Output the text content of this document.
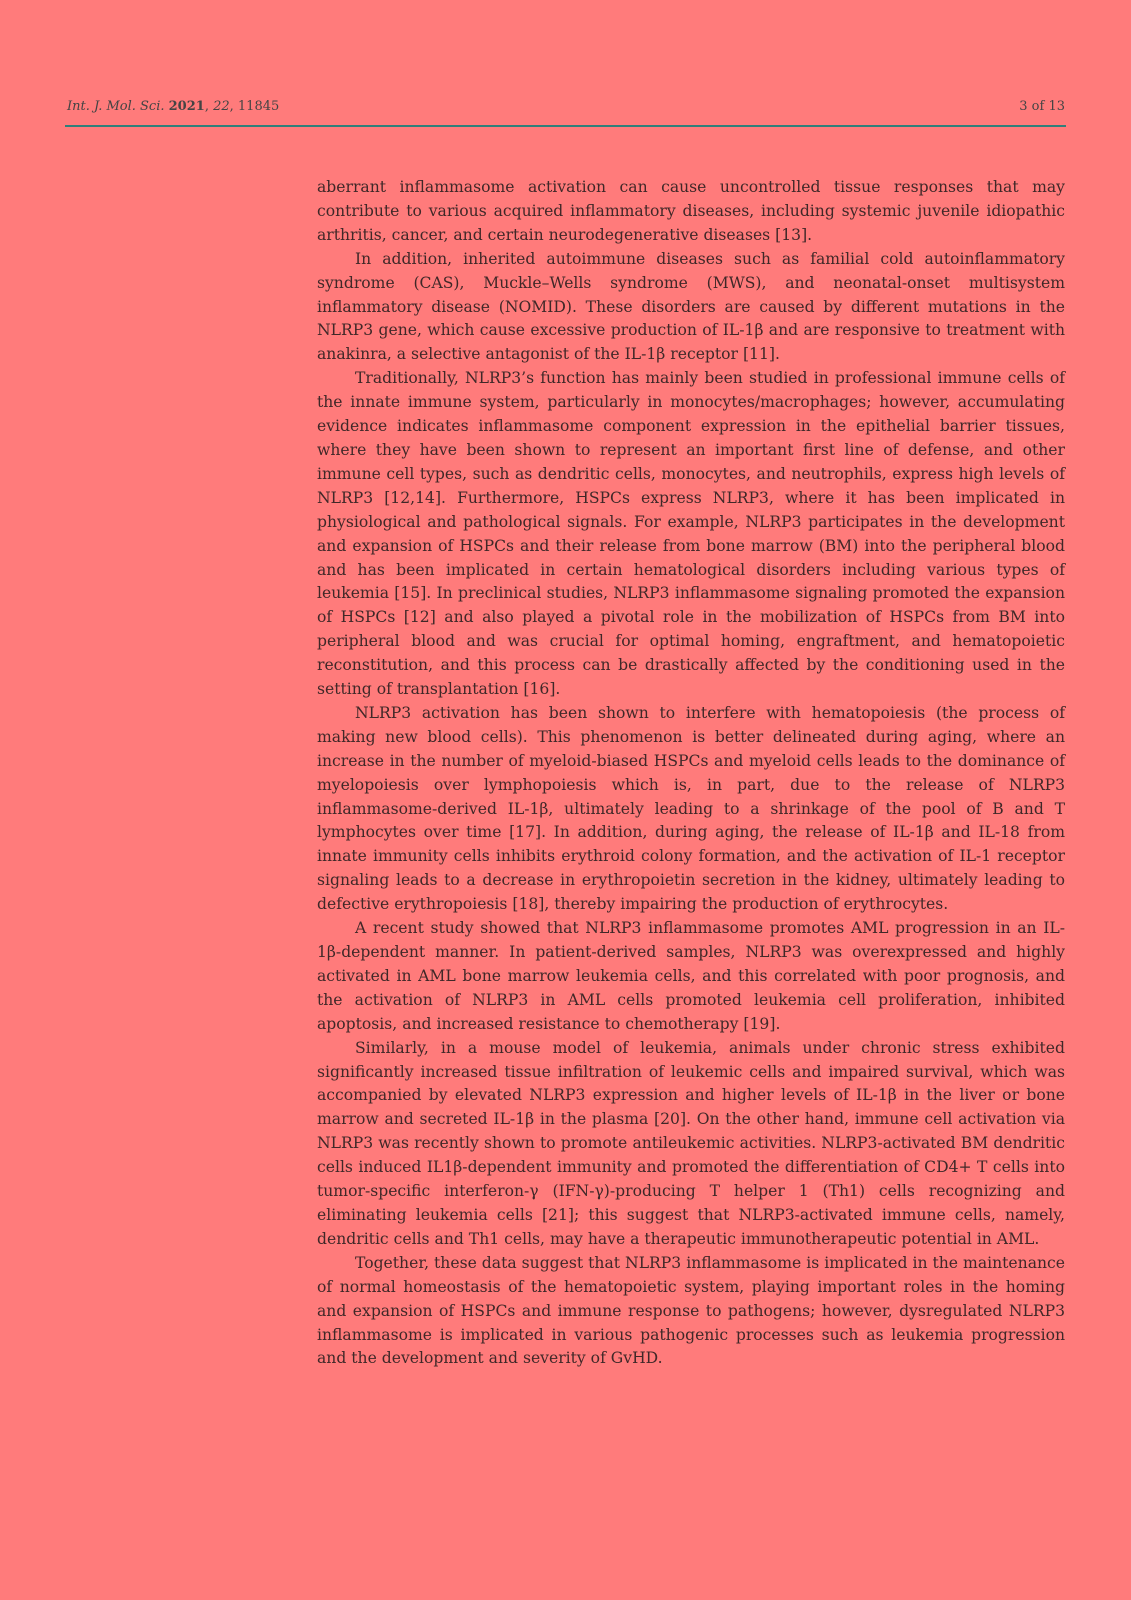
Int. J. Mol. Sci. 2021, 22, 11845	3 of 13

aberrant inflammasome activation can cause uncontrolled tissue responses that may contribute to various acquired inflammatory diseases, including systemic juvenile idiopathic arthritis, cancer, and certain neurodegenerative diseases [13].

In addition, inherited autoimmune diseases such as familial cold autoinflammatory syndrome (CAS), Muckle–Wells syndrome (MWS), and neonatal-onset multisystem inflammatory disease (NOMID). These disorders are caused by different mutations in the NLRP3 gene, which cause excessive production of IL-1β and are responsive to treatment with anakinra, a selective antagonist of the IL-1β receptor [11].

Traditionally, NLRP3’s function has mainly been studied in professional immune cells of the innate immune system, particularly in monocytes/macrophages; however, accumulating evidence indicates inflammasome component expression in the epithelial barrier tissues, where they have been shown to represent an important first line of defense, and other immune cell types, such as dendritic cells, monocytes, and neutrophils, express high levels of NLRP3 [12,14]. Furthermore, HSPCs express NLRP3, where it has been implicated in physiological and pathological signals. For example, NLRP3 participates in the development and expansion of HSPCs and their release from bone marrow (BM) into the peripheral blood and has been implicated in certain hematological disorders including various types of leukemia [15]. In preclinical studies, NLRP3 inflammasome signaling promoted the expansion of HSPCs [12] and also played a pivotal role in the mobilization of HSPCs from BM into peripheral blood and was crucial for optimal homing, engraftment, and hematopoietic reconstitution, and this process can be drastically affected by the conditioning used in the setting of transplantation [16].

NLRP3 activation has been shown to interfere with hematopoiesis (the process of making new blood cells). This phenomenon is better delineated during aging, where an increase in the number of myeloid-biased HSPCs and myeloid cells leads to the dominance of myelopoiesis over lymphopoiesis which is, in part, due to the release of NLRP3 inflammasome-derived IL-1β, ultimately leading to a shrinkage of the pool of B and T lymphocytes over time [17]. In addition, during aging, the release of IL-1β and IL-18 from innate immunity cells inhibits erythroid colony formation, and the activation of IL-1 receptor signaling leads to a decrease in erythropoietin secretion in the kidney, ultimately leading to defective erythropoiesis [18], thereby impairing the production of erythrocytes.

A recent study showed that NLRP3 inflammasome promotes AML progression in an IL-1β-dependent manner. In patient-derived samples, NLRP3 was overexpressed and highly activated in AML bone marrow leukemia cells, and this correlated with poor prognosis, and the activation of NLRP3 in AML cells promoted leukemia cell proliferation, inhibited apoptosis, and increased resistance to chemotherapy [19].

Similarly, in a mouse model of leukemia, animals under chronic stress exhibited significantly increased tissue infiltration of leukemic cells and impaired survival, which was accompanied by elevated NLRP3 expression and higher levels of IL-1β in the liver or bone marrow and secreted IL-1β in the plasma [20]. On the other hand, immune cell activation via NLRP3 was recently shown to promote antileukemic activities. NLRP3-activated BM dendritic cells induced IL1β-dependent immunity and promoted the differentiation of CD4+ T cells into tumor-specific interferon-γ (IFN-γ)-producing T helper 1 (Th1) cells recognizing and eliminating leukemia cells [21]; this suggest that NLRP3-activated immune cells, namely, dendritic cells and Th1 cells, may have a therapeutic immunotherapeutic potential in AML.

Together, these data suggest that NLRP3 inflammasome is implicated in the maintenance of normal homeostasis of the hematopoietic system, playing important roles in the homing and expansion of HSPCs and immune response to pathogens; however, dysregulated NLRP3 inflammasome is implicated in various pathogenic processes such as leukemia progression and the development and severity of GvHD.
